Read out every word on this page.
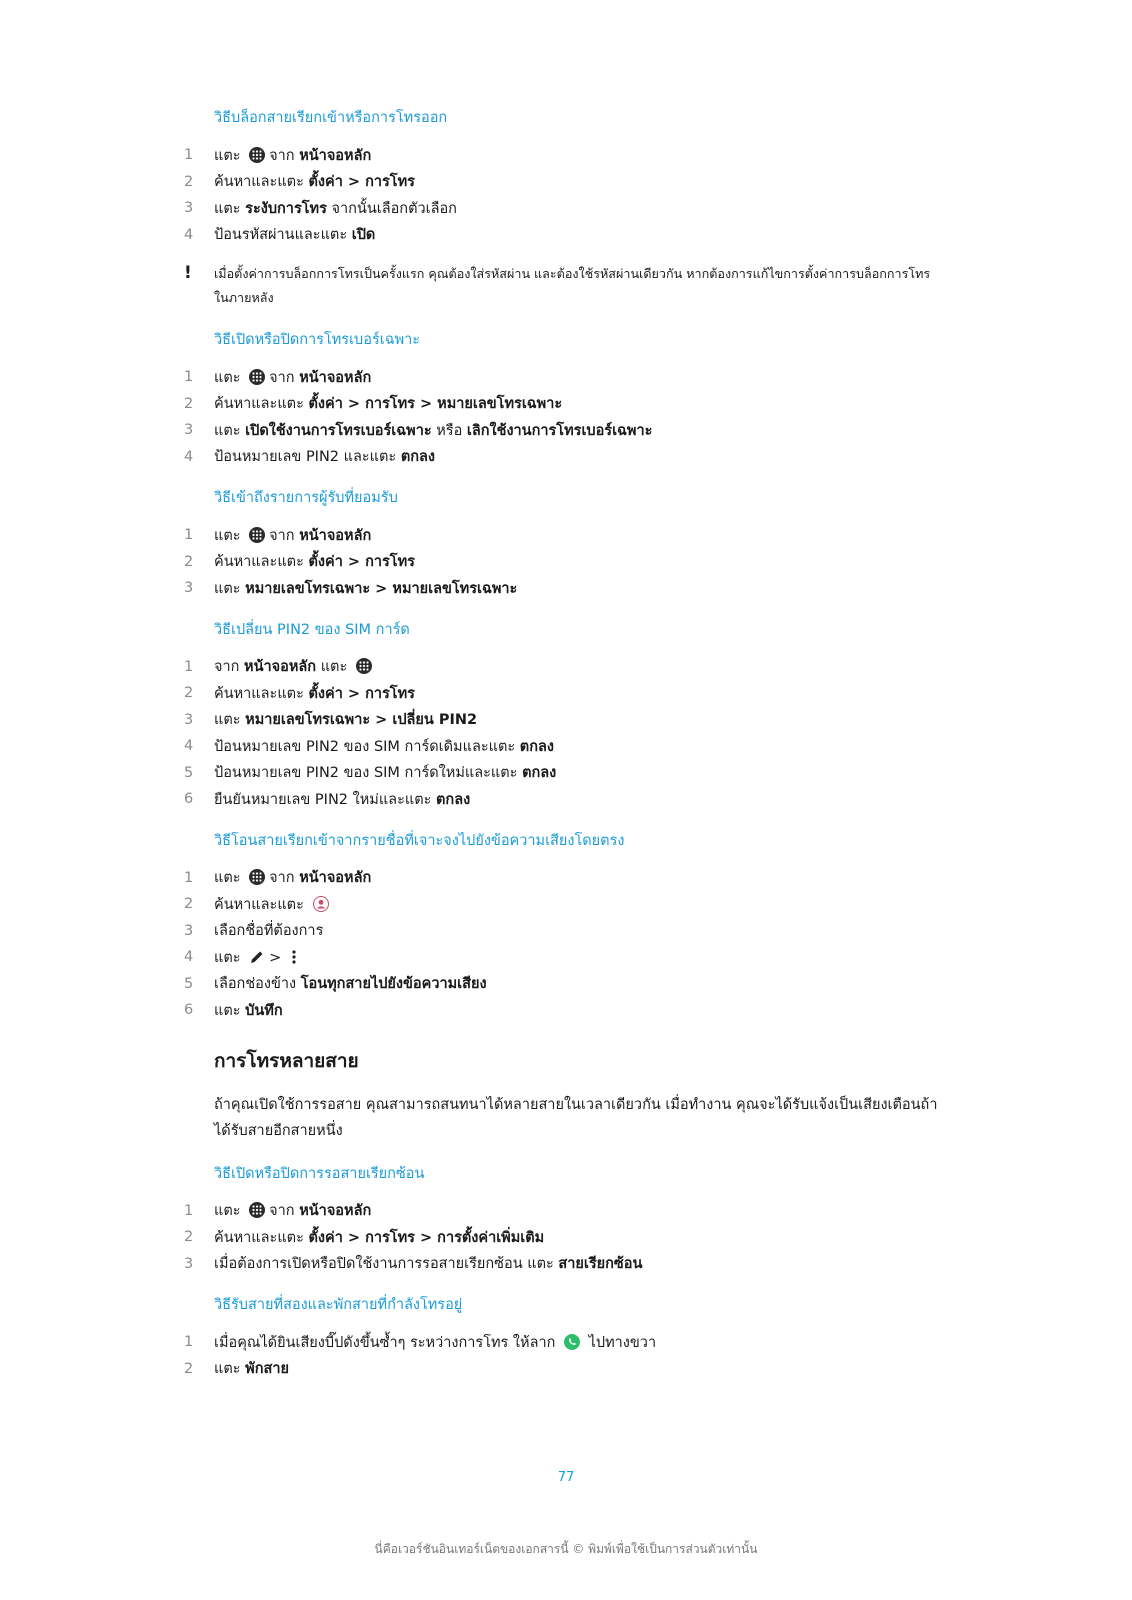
วิธีบล็อกสายเรียกเข้าหรือการโทรออก
1	แตะ จาก หน้าจอหลัก
2	ค้นหาและแตะ ตั้งค่า > การโทร
3	แตะ ระงับการโทร จากนั้นเลือกตัวเลือก
4	ป้อนรหัสผ่านและแตะ เปิด
!	เมื่อตั้งค่าการบล็อกการโทรเป็นครั้งแรก คุณต้องใส่รหัสผ่าน และต้องใช้รหัสผ่านเดียวกัน หากต้องการแก้ไขการตั้งค่าการบล็อกการโทรในภายหลัง
วิธีเปิดหรือปิดการโทรเบอร์เฉพาะ
1	แตะ จาก หน้าจอหลัก
2	ค้นหาและแตะ ตั้งค่า > การโทร > หมายเลขโทรเฉพาะ
3	แตะ เปิดใช้งานการโทรเบอร์เฉพาะ หรือ เลิกใช้งานการโทรเบอร์เฉพาะ
4	ป้อนหมายเลข PIN2 และแตะ ตกลง
วิธีเข้าถึงรายการผู้รับที่ยอมรับ
1	แตะ จาก หน้าจอหลัก
2	ค้นหาและแตะ ตั้งค่า > การโทร
3	แตะ หมายเลขโทรเฉพาะ > หมายเลขโทรเฉพาะ
วิธีเปลี่ยน PIN2 ของ SIM การ์ด
1	จาก หน้าจอหลัก แตะ
2	ค้นหาและแตะ ตั้งค่า > การโทร
3	แตะ หมายเลขโทรเฉพาะ > เปลี่ยน PIN2
4	ป้อนหมายเลข PIN2 ของ SIM การ์ดเดิมและแตะ ตกลง
5	ป้อนหมายเลข PIN2 ของ SIM การ์ดใหม่และแตะ ตกลง
6	ยืนยันหมายเลข PIN2 ใหม่และแตะ ตกลง
วิธีโอนสายเรียกเข้าจากรายชื่อที่เจาะจงไปยังข้อความเสียงโดยตรง
1	แตะ จาก หน้าจอหลัก
2	ค้นหาและแตะ
3	เลือกชื่อที่ต้องการ
4	แตะ >
5	เลือกช่องข้าง โอนทุกสายไปยังข้อความเสียง
6	แตะ บันทึก
การโทรหลายสาย
ถ้าคุณเปิดใช้การรอสาย คุณสามารถสนทนาได้หลายสายในเวลาเดียวกัน เมื่อทำงาน คุณจะได้รับแจ้งเป็นเสียงเตือนถ้าได้รับสายอีกสายหนึ่ง
วิธีเปิดหรือปิดการรอสายเรียกซ้อน
1	แตะ จาก หน้าจอหลัก
2	ค้นหาและแตะ ตั้งค่า > การโทร > การตั้งค่าเพิ่มเติม
3	เมื่อต้องการเปิดหรือปิดใช้งานการรอสายเรียกซ้อน แตะ สายเรียกซ้อน
วิธีรับสายที่สองและพักสายที่กำลังโทรอยู่
1	เมื่อคุณได้ยินเสียงบี๊ปดังขึ้นซ้ำๆ ระหว่างการโทร ให้ลาก ไปทางขวา
2	แตะ พักสาย
77
นี่คือเวอร์ชันอินเทอร์เน็ตของเอกสารนี้ © พิมพ์เพื่อใช้เป็นการส่วนตัวเท่านั้น
